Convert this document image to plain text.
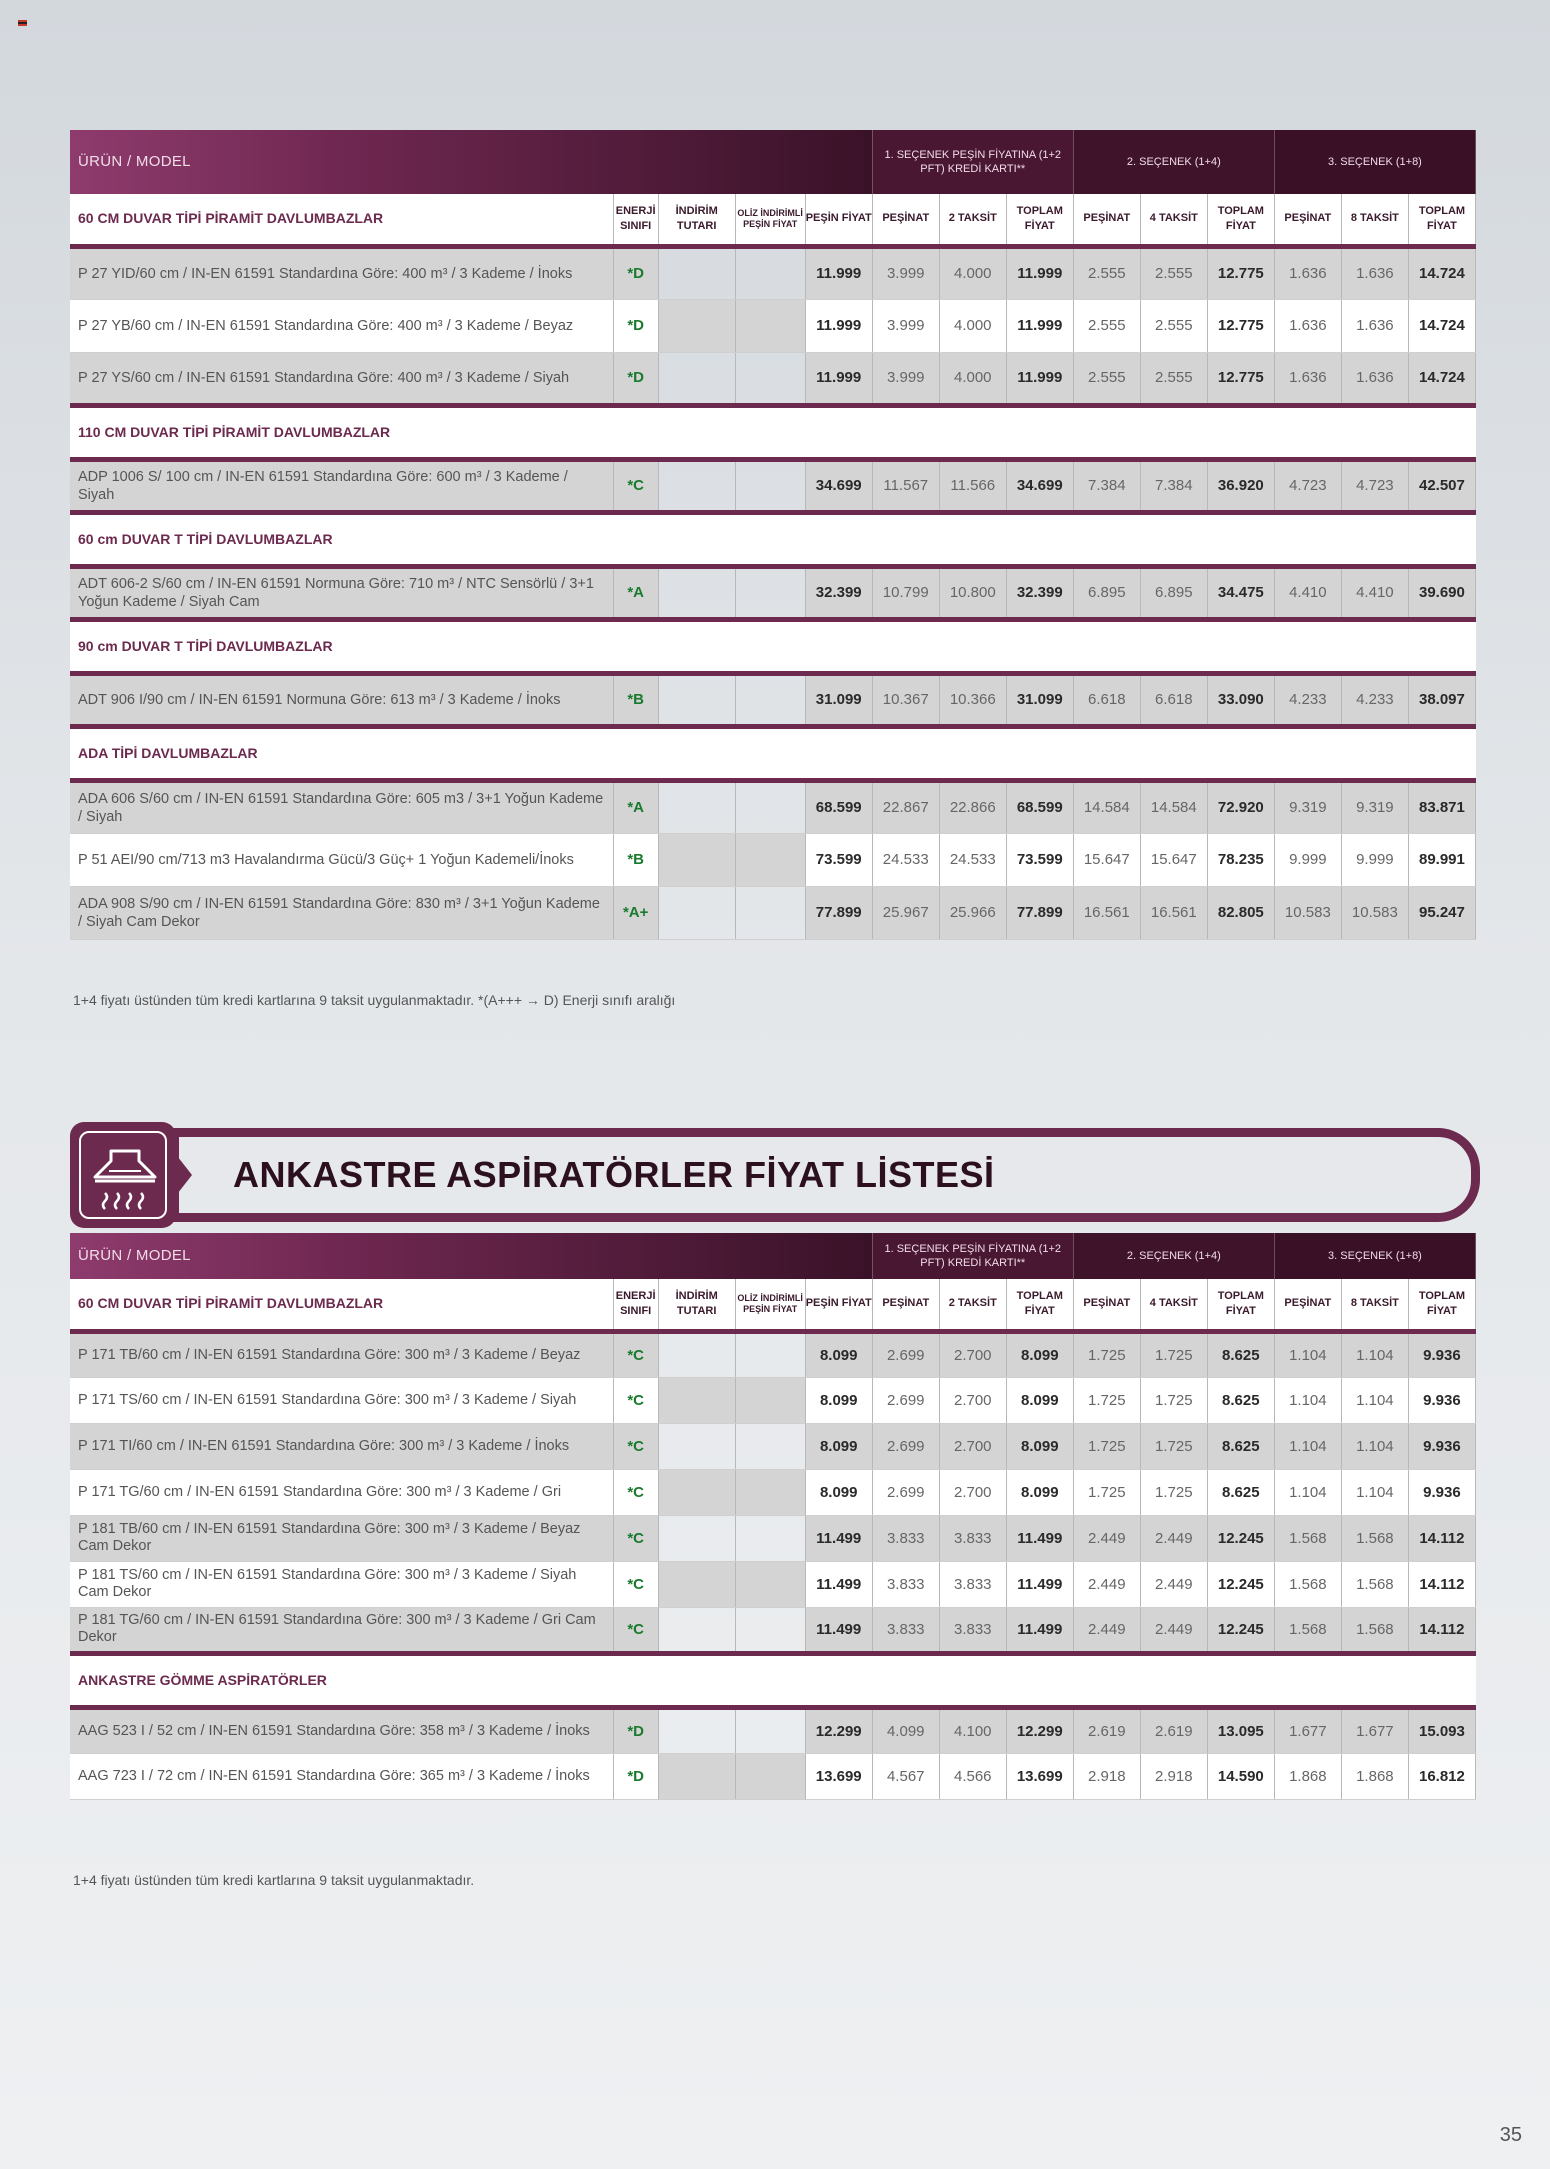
ÜRÜN / MODEL					1. SEÇENEK PEŞİN FİYATINA (1+2 PFT) KREDİ KARTI**			2. SEÇENEK (1+4)			3. SEÇENEK (1+8)		
60 CM DUVAR TİPİ PİRAMİT DAVLUMBAZLAR	ENERJİ SINIFI	İNDİRİM TUTARI	OLİZ İNDİRİMLİ PEŞİN FİYAT	PEŞİN FİYAT	PEŞİNAT	2 TAKSİT	TOPLAM FİYAT	PEŞİNAT	4 TAKSİT	TOPLAM FİYAT	PEŞİNAT	8 TAKSİT	TOPLAM FİYAT
P 27 YID/60 cm / IN-EN 61591 Standardına Göre: 400 m³ / 3 Kademe / İnoks	*D			11.999	3.999	4.000	11.999	2.555	2.555	12.775	1.636	1.636	14.724
P 27 YB/60 cm / IN-EN 61591 Standardına Göre: 400 m³ / 3 Kademe / Beyaz	*D			11.999	3.999	4.000	11.999	2.555	2.555	12.775	1.636	1.636	14.724
P 27 YS/60 cm / IN-EN 61591 Standardına Göre: 400 m³ / 3 Kademe / Siyah	*D			11.999	3.999	4.000	11.999	2.555	2.555	12.775	1.636	1.636	14.724
110 CM DUVAR TİPİ PİRAMİT DAVLUMBAZLAR													
ADP 1006 S/ 100 cm / IN-EN 61591 Standardına Göre: 600 m³ / 3 Kademe / Siyah	*C			34.699	11.567	11.566	34.699	7.384	7.384	36.920	4.723	4.723	42.507
60 cm DUVAR T TİPİ DAVLUMBAZLAR													
ADT 606-2 S/60 cm / IN-EN 61591 Normuna Göre: 710 m³ / NTC Sensörlü / 3+1 Yoğun Kademe / Siyah Cam	*A			32.399	10.799	10.800	32.399	6.895	6.895	34.475	4.410	4.410	39.690
90 cm DUVAR T TİPİ DAVLUMBAZLAR													
ADT 906 I/90 cm / IN-EN 61591 Normuna Göre: 613 m³ / 3 Kademe / İnoks	*B			31.099	10.367	10.366	31.099	6.618	6.618	33.090	4.233	4.233	38.097
ADA TİPİ DAVLUMBAZLAR													
ADA 606 S/60 cm / IN-EN 61591 Standardına Göre: 605 m3 / 3+1 Yoğun Kademe / Siyah	*A			68.599	22.867	22.866	68.599	14.584	14.584	72.920	9.319	9.319	83.871
P 51 AEI/90 cm/713 m3 Havalandırma Gücü/3 Güç+ 1 Yoğun Kademeli/İnoks	*B			73.599	24.533	24.533	73.599	15.647	15.647	78.235	9.999	9.999	89.991
ADA 908 S/90 cm / IN-EN 61591 Standardına Göre: 830 m³ / 3+1 Yoğun Kademe / Siyah Cam Dekor	*A+			77.899	25.967	25.966	77.899	16.561	16.561	82.805	10.583	10.583	95.247
1+4 fiyatı üstünden tüm kredi kartlarına 9 taksit uygulanmaktadır. *(A+++ → D) Enerji sınıfı aralığı
ANKASTRE ASPİRATÖRLER FİYAT LİSTESİ
ÜRÜN / MODEL					1. SEÇENEK PEŞİN FİYATINA (1+2 PFT) KREDİ KARTI**			2. SEÇENEK (1+4)			3. SEÇENEK (1+8)		
60 CM DUVAR TİPİ PİRAMİT DAVLUMBAZLAR	ENERJİ SINIFI	İNDİRİM TUTARI	OLİZ İNDİRİMLİ PEŞİN FİYAT	PEŞİN FİYAT	PEŞİNAT	2 TAKSİT	TOPLAM FİYAT	PEŞİNAT	4 TAKSİT	TOPLAM FİYAT	PEŞİNAT	8 TAKSİT	TOPLAM FİYAT
P 171 TB/60 cm / IN-EN 61591 Standardına Göre: 300 m³ / 3 Kademe / Beyaz	*C			8.099	2.699	2.700	8.099	1.725	1.725	8.625	1.104	1.104	9.936
P 171 TS/60 cm / IN-EN 61591 Standardına Göre: 300 m³ / 3 Kademe / Siyah	*C			8.099	2.699	2.700	8.099	1.725	1.725	8.625	1.104	1.104	9.936
P 171 TI/60 cm / IN-EN 61591 Standardına Göre: 300 m³ / 3 Kademe / İnoks	*C			8.099	2.699	2.700	8.099	1.725	1.725	8.625	1.104	1.104	9.936
P 171 TG/60 cm / IN-EN 61591 Standardına Göre: 300 m³ / 3 Kademe / Gri	*C			8.099	2.699	2.700	8.099	1.725	1.725	8.625	1.104	1.104	9.936
P 181 TB/60 cm / IN-EN 61591 Standardına Göre: 300 m³ / 3 Kademe / Beyaz Cam Dekor	*C			11.499	3.833	3.833	11.499	2.449	2.449	12.245	1.568	1.568	14.112
P 181 TS/60 cm / IN-EN 61591 Standardına Göre: 300 m³ / 3 Kademe / Siyah Cam Dekor	*C			11.499	3.833	3.833	11.499	2.449	2.449	12.245	1.568	1.568	14.112
P 181 TG/60 cm / IN-EN 61591 Standardına Göre: 300 m³ / 3 Kademe / Gri Cam Dekor	*C			11.499	3.833	3.833	11.499	2.449	2.449	12.245	1.568	1.568	14.112
ANKASTRE GÖMME ASPİRATÖRLER													
AAG 523 I / 52 cm / IN-EN 61591 Standardına Göre: 358 m³ / 3 Kademe / İnoks	*D			12.299	4.099	4.100	12.299	2.619	2.619	13.095	1.677	1.677	15.093
AAG 723 I / 72 cm / IN-EN 61591 Standardına Göre: 365 m³ / 3 Kademe / İnoks	*D			13.699	4.567	4.566	13.699	2.918	2.918	14.590	1.868	1.868	16.812
1+4 fiyatı üstünden tüm kredi kartlarına 9 taksit uygulanmaktadır.
35
